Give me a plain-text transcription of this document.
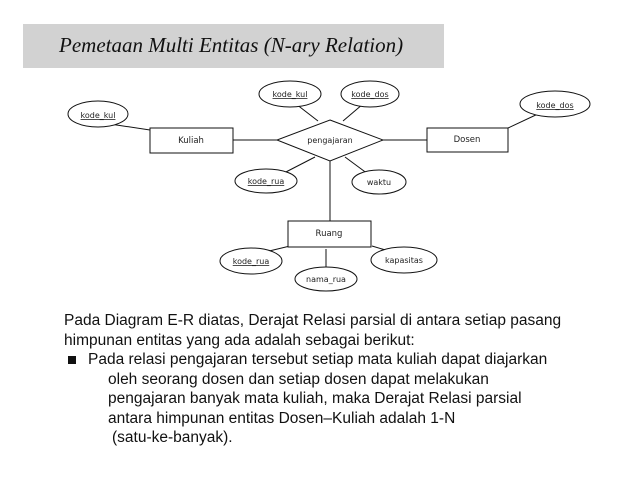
Pemetaan Multi Entitas (N-ary Relation)
kode_kul
kode_kul	kode_dos
kode_dos
kode_rua	waktu
kode_rua
nama_rua
kapasitas
Kuliah	Dosen
Ruang
pengajaran

Pada Diagram E-R diatas, Derajat Relasi parsial di antara setiap pasang

himpunan entitas yang ada adalah sebagai berikut:

Pada relasi pengajaran tersebut setiap mata kuliah dapat diajarkan

oleh seorang dosen dan setiap dosen dapat melakukan

pengajaran banyak mata kuliah, maka Derajat Relasi parsial

antara himpunan entitas Dosen–Kuliah adalah 1-N

(satu-ke-banyak).
